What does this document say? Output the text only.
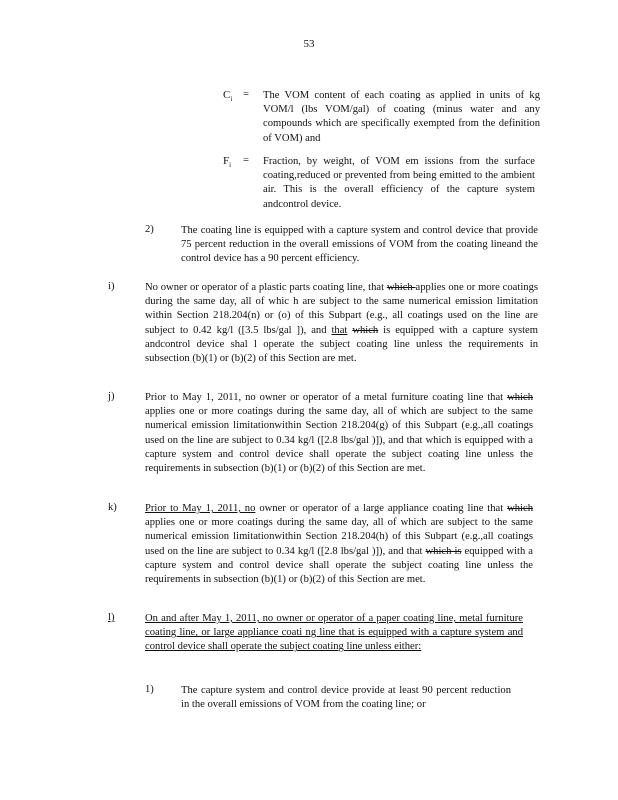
53
$C_i$ = The VOM content of each coating as applied in units of kg VOM/l (lbs VOM/gal) of coating (minus water and any compounds which are specifically exempted from the definition of VOM) and
$F_i$ = Fraction, by weight, of VOM em issions from the surface coating,reduced or prevented from being emitted to the ambient air. This is the overall efficiency of the capture system andcontrol device.
2)	The coating line is equipped with a capture system and control device that provide 75 percent reduction in the overall emissions of VOM from the coating lineand the control device has a 90 percent efficiency.
i)	No owner or operator of a plastic parts coating line, that which applies one or more coatings during the same day, all of whic h are subject to the same numerical emission limitation within Section 218.204(n) or (o) of this Subpart (e.g., all coatings used on the line are subject to 0.42 kg/l ([3.5 lbs/gal ]), and that which is equipped with a capture system andcontrol device shal l operate the subject coating line unless the requirements in subsection (b)(1) or (b)(2) of this Section are met.
j)	Prior to May 1, 2011, no owner or operator of a metal furniture coating line that which applies one or more coatings during the same day, all of which are subject to the same numerical emission limitationwithin Section 218.204(g) of this Subpart (e.g.,all coatings used on the line are subject to 0.34 kg/l ([2.8 lbs/gal )]), and that which is equipped with a capture system and control device shall operate the subject coating line unless the requirements in subsection (b)(1) or (b)(2) of this Section are met.
k)	Prior to May 1, 2011, no owner or operator of a large appliance coating line that which applies one or more coatings during the same day, all of which are subject to the same numerical emission limitationwithin Section 218.204(h) of this Subpart (e.g.,all coatings used on the line are subject to 0.34 kg/l ([2.8 lbs/gal )]), and that which is equipped with a capture system and control device shall operate the subject coating line unless the requirements in subsection (b)(1) or (b)(2) of this Section are met.
l)	On and after May 1, 2011, no owner or operator of a paper coating line, metal furniture coating line, or large appliance coati ng line that is equipped with a capture system and control device shall operate the subject coating line unless either:
1)	The capture system and control device provide at least 90 percent reduction in the overall emissions of VOM from the coating line; or
